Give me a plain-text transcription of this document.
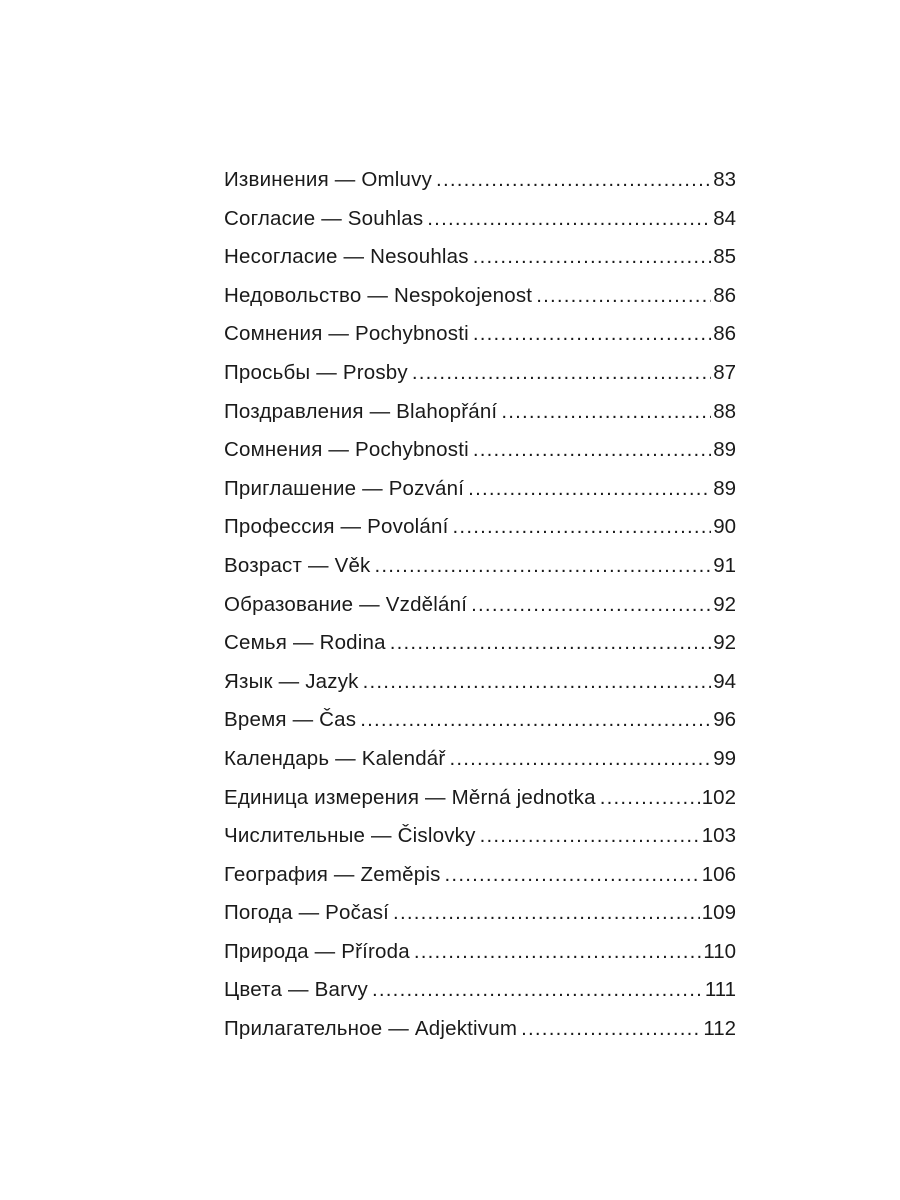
Извинения — Omluvy .....	83
Согласие — Souhlas .....	84
Несогласие — Nesouhlas .....	85
Недовольство — Nespokojenost .....	86
Сомнения — Pochybnosti .....	86
Просьбы — Prosby .....	87
Поздравления — Blahopřání .....	88
Сомнения — Pochybnosti .....	89
Приглашение — Pozvání .....	89
Профессия — Povolání .....	90
Возраст — Věk .....	91
Образование — Vzdělání .....	92
Семья — Rodina .....	92
Язык — Jazyk .....	94
Время — Čas .....	96
Календарь — Kalendář .....	99
Единица измерения — Měrná jednotka .....	102
Числительные — Čislovky .....	103
География — Zeměpis .....	106
Погода — Počasí .....	109
Природа — Příroda .....	110
Цвета — Barvy .....	111
Прилагательное — Adjektivum .....	112
